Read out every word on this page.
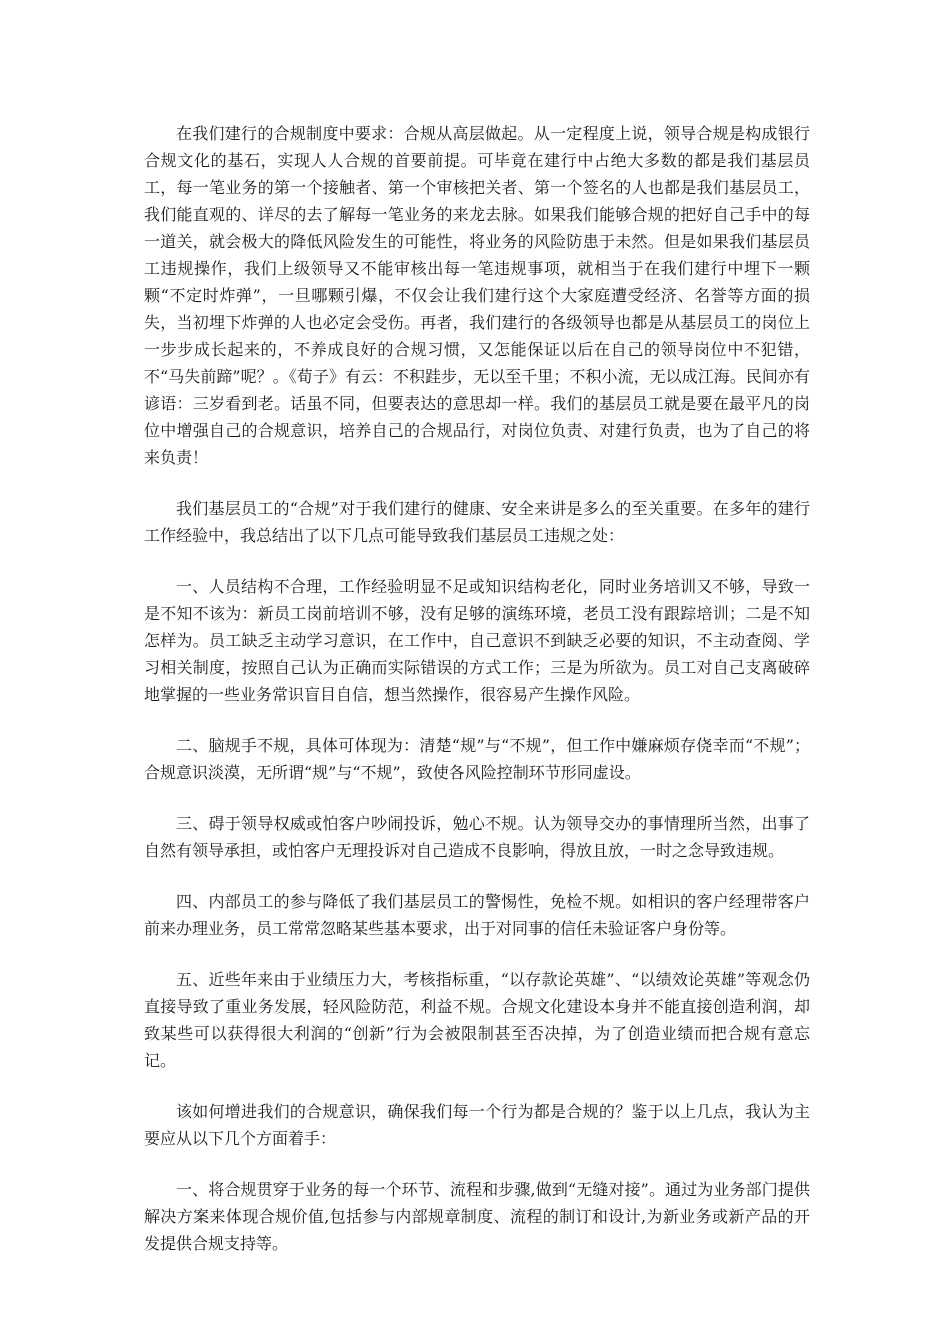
在我们建行的合规制度中要求：合规从高层做起。从一定程度上说，领导合规是构成银行合规文化的基石，实现人人合规的首要前提。可毕竟在建行中占绝大多数的都是我们基层员工，每一笔业务的第一个接触者、第一个审核把关者、第一个签名的人也都是我们基层员工，我们能直观的、详尽的去了解每一笔业务的来龙去脉。如果我们能够合规的把好自己手中的每一道关，就会极大的降低风险发生的可能性，将业务的风险防患于未然。但是如果我们基层员工违规操作，我们上级领导又不能审核出每一笔违规事项，就相当于在我们建行中埋下一颗颗“不定时炸弹”，一旦哪颗引爆，不仅会让我们建行这个大家庭遭受经济、名誉等方面的损失，当初埋下炸弹的人也必定会受伤。再者，我们建行的各级领导也都是从基层员工的岗位上一步步成长起来的，不养成良好的合规习惯，又怎能保证以后在自己的领导岗位中不犯错，不“马失前蹄”呢？。《荀子》有云：不积跬步，无以至千里；不积小流，无以成江海。民间亦有谚语：三岁看到老。话虽不同，但要表达的意思却一样。我们的基层员工就是要在最平凡的岗位中增强自己的合规意识，培养自己的合规品行，对岗位负责、对建行负责，也为了自己的将来负责！

我们基层员工的“合规”对于我们建行的健康、安全来讲是多么的至关重要。在多年的建行工作经验中，我总结出了以下几点可能导致我们基层员工违规之处：

一、人员结构不合理，工作经验明显不足或知识结构老化，同时业务培训又不够，导致一是不知不该为：新员工岗前培训不够，没有足够的演练环境，老员工没有跟踪培训；二是不知怎样为。员工缺乏主动学习意识，在工作中，自己意识不到缺乏必要的知识，不主动查阅、学习相关制度，按照自己认为正确而实际错误的方式工作；三是为所欲为。员工对自己支离破碎地掌握的一些业务常识盲目自信，想当然操作，很容易产生操作风险。

二、脑规手不规，具体可体现为：清楚“规”与“不规”，但工作中嫌麻烦存侥幸而“不规”；合规意识淡漠，无所谓“规”与“不规”，致使各风险控制环节形同虚设。

三、碍于领导权威或怕客户吵闹投诉，勉心不规。认为领导交办的事情理所当然，出事了自然有领导承担，或怕客户无理投诉对自己造成不良影响，得放且放，一时之念导致违规。

四、内部员工的参与降低了我们基层员工的警惕性，免检不规。如相识的客户经理带客户前来办理业务，员工常常忽略某些基本要求，出于对同事的信任未验证客户身份等。

五、近些年来由于业绩压力大，考核指标重，“以存款论英雄”、“以绩效论英雄”等观念仍直接导致了重业务发展，轻风险防范，利益不规。合规文化建设本身并不能直接创造利润，却致某些可以获得很大利润的“创新”行为会被限制甚至否决掉，为了创造业绩而把合规有意忘记。

该如何增进我们的合规意识，确保我们每一个行为都是合规的？鉴于以上几点，我认为主要应从以下几个方面着手：

一、将合规贯穿于业务的每一个环节、流程和步骤,做到“无缝对接”。通过为业务部门提供解决方案来体现合规价值,包括参与内部规章制度、流程的制订和设计,为新业务或新产品的开发提供合规支持等。
